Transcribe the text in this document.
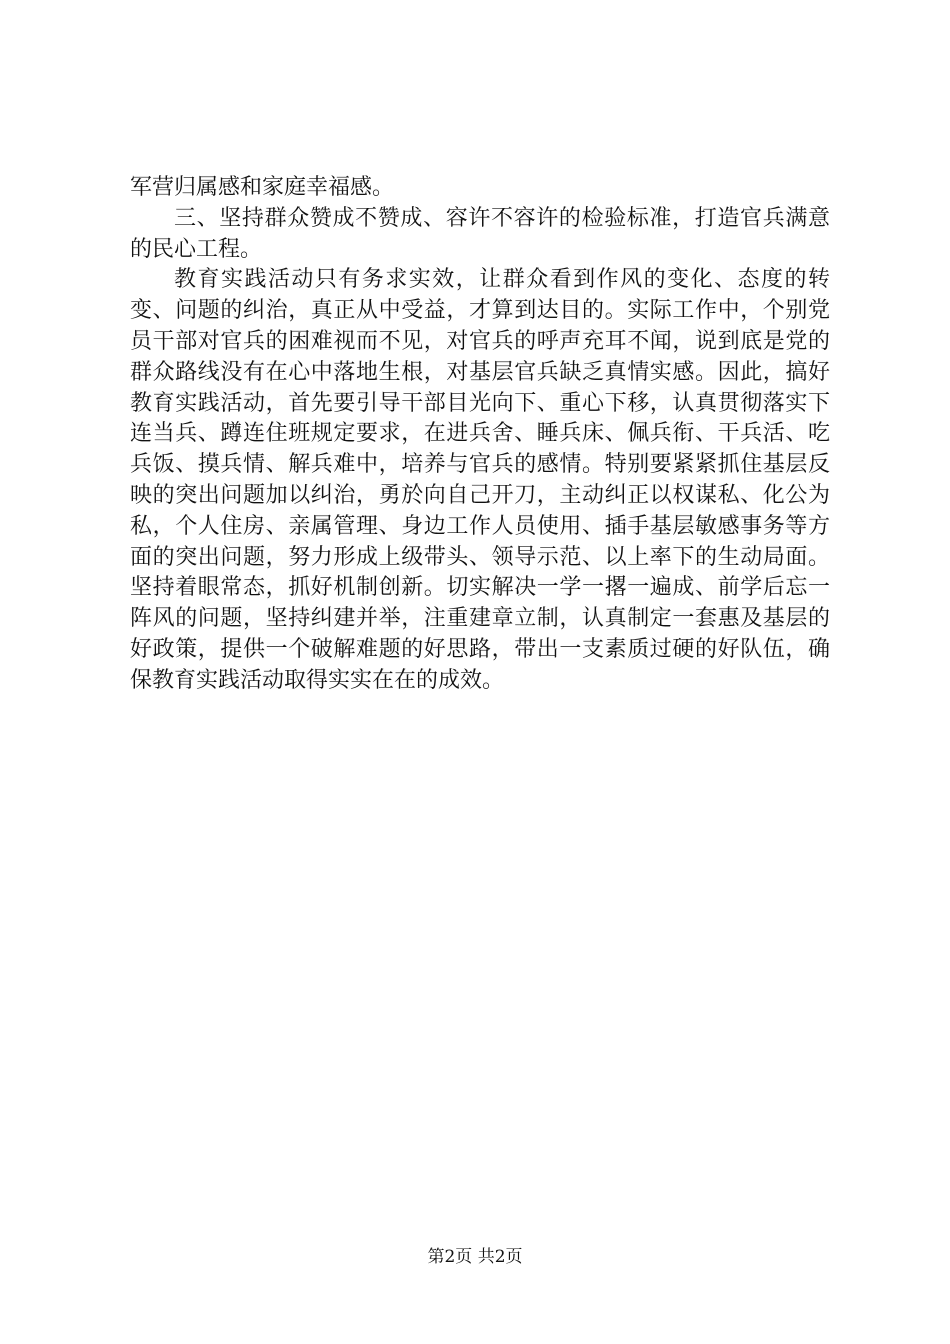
军营归属感和家庭幸福感。

三、坚持群众赞成不赞成、容许不容许的检验标准，打造官兵满意的民心工程。

教育实践活动只有务求实效，让群众看到作风的变化、态度的转变、问题的纠治，真正从中受益，才算到达目的。实际工作中，个别党员干部对官兵的困难视而不见，对官兵的呼声充耳不闻，说到底是党的群众路线没有在心中落地生根，对基层官兵缺乏真情实感。因此，搞好教育实践活动，首先要引导干部目光向下、重心下移，认真贯彻落实下连当兵、蹲连住班规定要求，在进兵舍、睡兵床、佩兵衔、干兵活、吃兵饭、摸兵情、解兵难中，培养与官兵的感情。特别要紧紧抓住基层反映的突出问题加以纠治，勇於向自己开刀，主动纠正以权谋私、化公为私，个人住房、亲属管理、身边工作人员使用、插手基层敏感事务等方面的突出问题，努力形成上级带头、领导示范、以上率下的生动局面。坚持着眼常态，抓好机制创新。切实解决一学一撂一遍成、前学后忘一阵风的问题，坚持纠建并举，注重建章立制，认真制定一套惠及基层的好政策，提供一个破解难题的好思路，带出一支素质过硬的好队伍，确保教育实践活动取得实实在在的成效。

第2页 共2页
